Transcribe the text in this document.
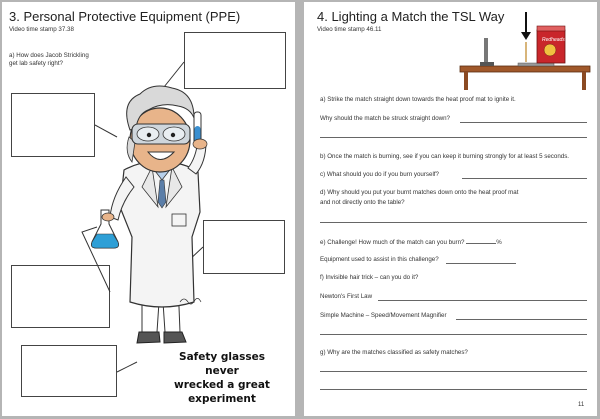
3. Personal Protective Equipment (PPE)
Video time stamp 37.38
a) How does Jacob Strickling
get lab safety right?
Safety glasses never
wrecked a great
experiment
4. Lighting a Match the TSL Way
Video time stamp 46.11
Redheads
a) Strike the match straight down towards the heat proof mat to ignite it.
Why should the match be struck straight down?
b) Once the match is burning, see if you can keep it burning strongly for at least 5 seconds.
c) What should you do if you burn yourself?
d) Why should you put your burnt matches down onto the heat proof mat
and not directly onto the table?
e) Challenge! How much of the match can you burn?	%
Equipment used to assist in this challenge?
f) Invisible hair trick – can you do it?
Newton's First Law
Simple Machine – Speed/Movement Magnifier
g) Why are the matches classified as safety matches?
11
